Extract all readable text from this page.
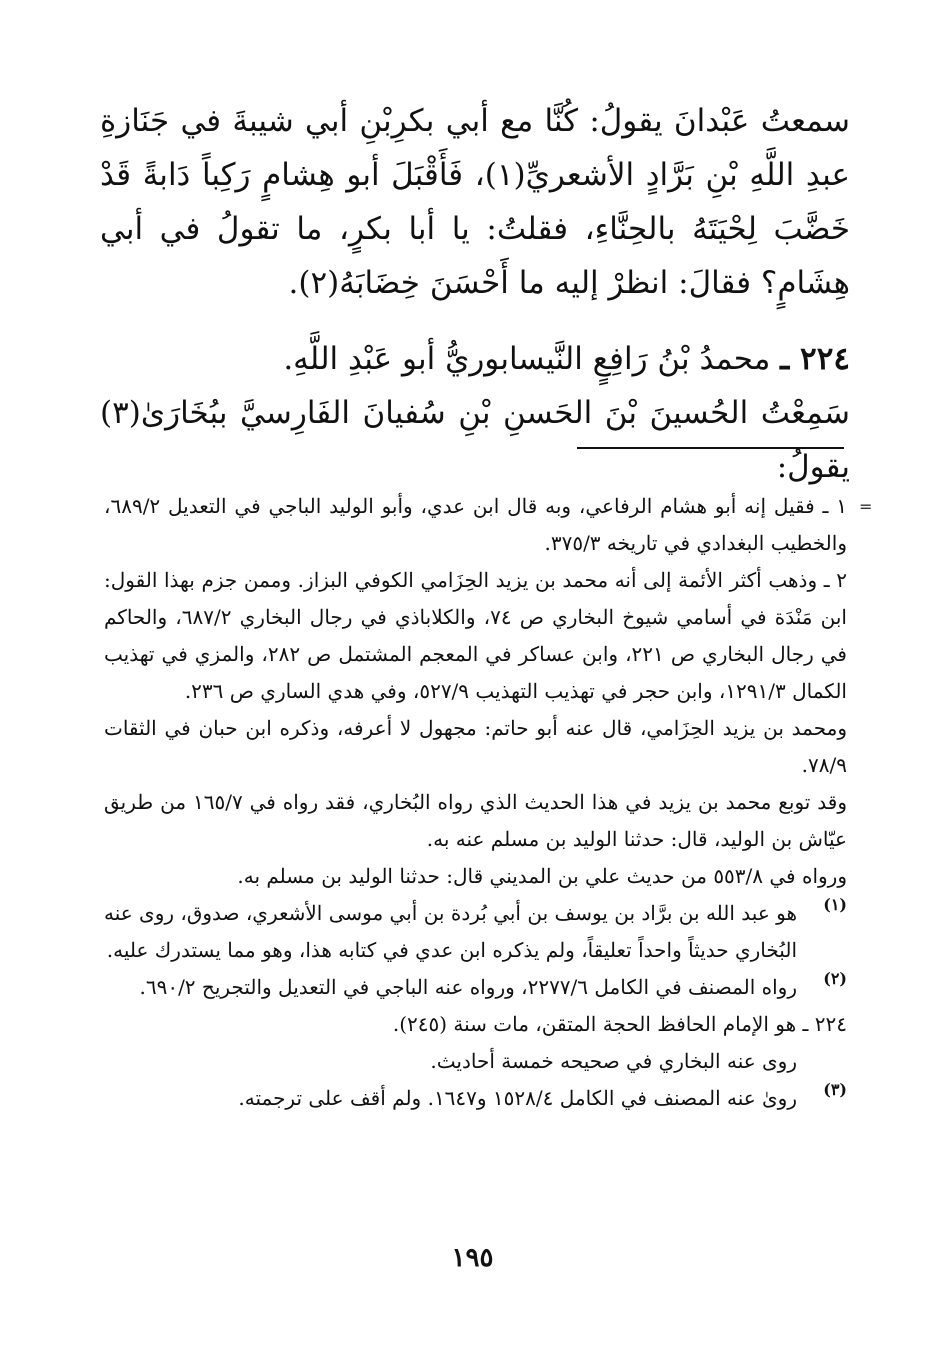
سمعتُ عَبْدانَ يقولُ: كُنَّا مع أبي بكرِبْنِ أبي شيبةَ في جَنَازةِ عبدِ اللَّهِ بْنِ بَرَّادٍ الأشعريِّ(١)، فَأَقْبَلَ أبو هِشامٍ رَكِباً دَابةً قَدْ خَضَّبَ لِحْيَتَهُ بالحِنَّاءِ، فقلتُ: يا أبا بكرٍ، ما تقولُ في أبي هِشَامٍ؟ فقالَ: انظرْ إليه ما أَحْسَنَ خِضَابَهُ(٢).

٢٢٤ ـ محمدُ بْنُ رَافِعٍ النَّيسابوريُّ أبو عَبْدِ اللَّهِ.

سَمِعْتُ الحُسينَ بْنَ الحَسنِ بْنِ سُفيانَ الفَارِسيَّ ببُخَارَىٰ(٣) يقولُ:

=

١ ـ فقيل إنه أبو هشام الرفاعي، وبه قال ابن عدي، وأبو الوليد الباجي في التعديل ٦٨٩/٢، والخطيب البغدادي في تاريخه ٣٧٥/٣.

٢ ـ وذهب أكثر الأئمة إلى أنه محمد بن يزيد الحِزَامي الكوفي البزاز. وممن جزم بهذا القول: ابن مَنْدَة في أسامي شيوخ البخاري ص ٧٤، والكلاباذي في رجال البخاري ٦٨٧/٢، والحاكم في رجال البخاري ص ٢٢١، وابن عساكر في المعجم المشتمل ص ٢٨٢، والمزي في تهذيب الكمال ١٢٩١/٣، وابن حجر في تهذيب التهذيب ٥٢٧/٩، وفي هدي الساري ص ٢٣٦.

ومحمد بن يزيد الحِزَامي، قال عنه أبو حاتم: مجهول لا أعرفه، وذكره ابن حبان في الثقات ٧٨/٩.

وقد توبع محمد بن يزيد في هذا الحديث الذي رواه البُخاري، فقد رواه في ١٦٥/٧ من طريق عيّاش بن الوليد، قال: حدثنا الوليد بن مسلم عنه به.

ورواه في ٥٥٣/٨ من حديث علي بن المديني قال: حدثنا الوليد بن مسلم به.

(١)

هو عبد الله بن برَّاد بن يوسف بن أبي بُردة بن أبي موسى الأشعري، صدوق، روى عنه البُخاري حديثاً واحداً تعليقاً، ولم يذكره ابن عدي في كتابه هذا، وهو مما يستدرك عليه.

(٢)

رواه المصنف في الكامل ٢٢٧٧/٦، ورواه عنه الباجي في التعديل والتجريح ٦٩٠/٢.

٢٢٤ ـ هو الإمام الحافظ الحجة المتقن، مات سنة (٢٤٥).

روى عنه البخاري في صحيحه خمسة أحاديث.

(٣)

روىٰ عنه المصنف في الكامل ١٥٢٨/٤ و١٦٤٧. ولم أقف على ترجمته.

١٩٥
